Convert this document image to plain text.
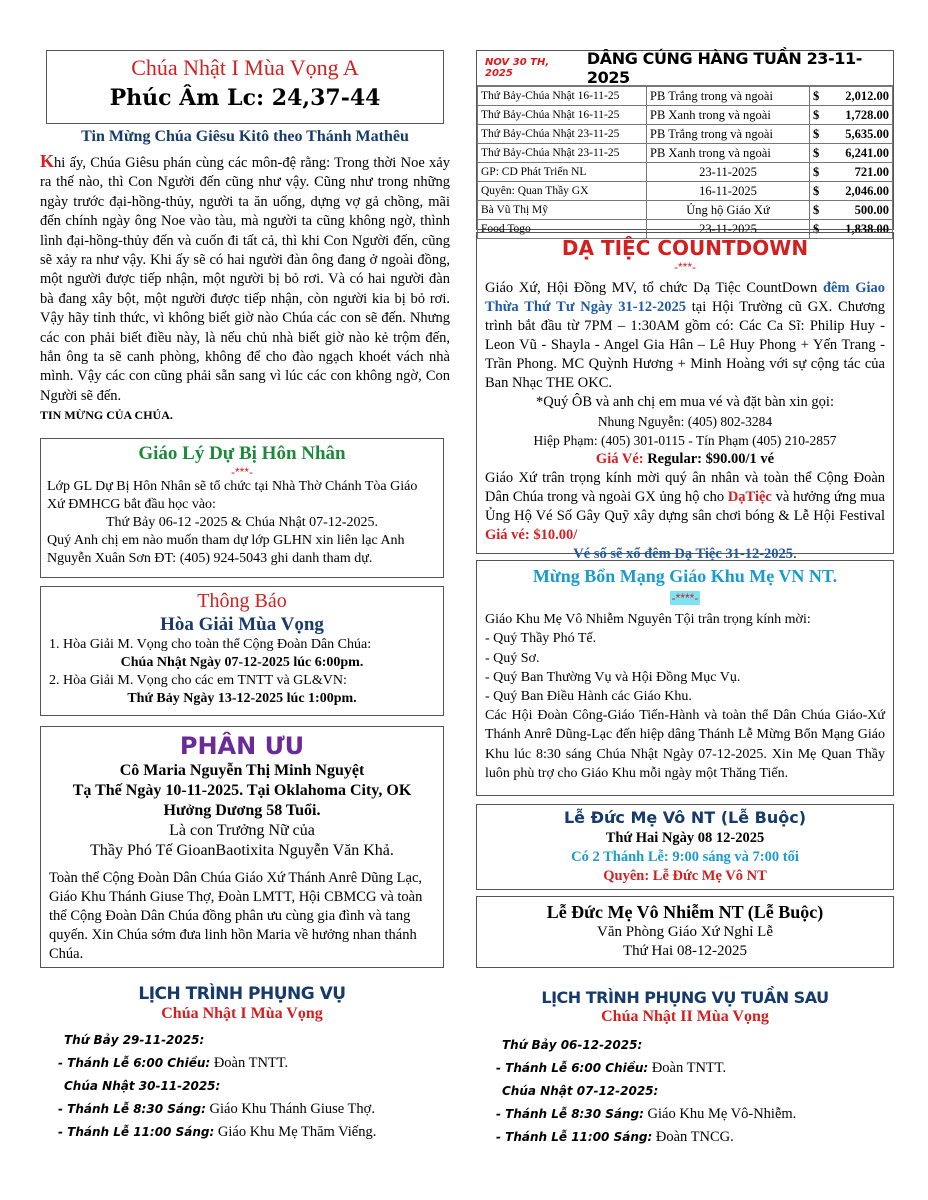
Chúa Nhật I Mùa Vọng A
Phúc Âm Lc: 24,37-44
Tin Mừng Chúa Giêsu Kitô theo Thánh Mathêu
Khi ấy, Chúa Giêsu phán cùng các môn-đệ rằng: Trong thời Noe xảy ra thế nào, thì Con Người đến cũng như vậy. Cũng như trong những ngày trước đại-hồng-thủy, người ta ăn uống, dựng vợ gả chồng, mãi đến chính ngày ông Noe vào tàu, mà người ta cũng không ngờ, thình lình đại-hồng-thủy đến và cuốn đi tất cả, thì khi Con Người đến, cũng sẽ xảy ra như vậy. Khi ấy sẽ có hai người đàn ông đang ở ngoài đồng, một người được tiếp nhận, một người bị bỏ rơi. Và có hai người đàn bà đang xây bột, một người được tiếp nhận, còn người kia bị bỏ rơi. Vậy hãy tỉnh thức, vì không biết giờ nào Chúa các con sẽ đến. Nhưng các con phải biết điều này, là nếu chủ nhà biết giờ nào kẻ trộm đến, hẳn ông ta sẽ canh phòng, không để cho đào ngạch khoét vách nhà mình. Vậy các con cũng phải sẵn sang vì lúc các con không ngờ, Con Người sẽ đến.
TIN MỪNG CỦA CHÚA.
Giáo Lý Dự Bị Hôn Nhân
-***-

Lớp GL Dự Bị Hôn Nhân sẽ tổ chức tại Nhà Thờ Chánh Tòa Giáo Xứ ĐMHCG bắt đầu học vào:

Thứ Bảy 06-12 -2025 & Chúa Nhật 07-12-2025.

Quý Anh chị em nào muốn tham dự lớp GLHN xin liên lạc Anh Nguyễn Xuân Sơn ĐT: (405) 924-5043 ghi danh tham dự.

Thông Báo
Hòa Giải Mùa Vọng

1. Hòa Giải M. Vọng cho toàn thể Cộng Đoàn Dân Chúa:

Chúa Nhật Ngày 07-12-2025 lúc 6:00pm.

2. Hòa Giải M. Vọng cho các em TNTT và GL&VN:

Thứ Bảy Ngày 13-12-2025 lúc 1:00pm.

PHÂN ƯU
Cô Maria Nguyễn Thị Minh Nguyệt
Tạ Thế Ngày 10-11-2025. Tại Oklahoma City, OK
Hưởng Dương 58 Tuổi.
Là con Trưởng Nữ của
Thầy Phó Tế GioanBaotixita Nguyễn Văn Khả.

Toàn thể Cộng Đoàn Dân Chúa Giáo Xứ Thánh Anrê Dũng Lạc, Giáo Khu Thánh Giuse Thợ, Đoàn LMTT, Hội CBMCG và toàn thể Cộng Đoàn Dân Chúa đồng phân ưu cùng gia đình và tang quyến. Xin Chúa sớm đưa linh hồn Maria về hưởng nhan thánh Chúa.

LỊCH TRÌNH PHỤNG VỤ
Chúa Nhật I Mùa Vọng
Thứ Bảy 29-11-2025:
- Thánh Lễ 6:00 Chiều: Đoàn TNTT.
Chúa Nhật 30-11-2025:
- Thánh Lễ 8:30 Sáng: Giáo Khu Thánh Giuse Thợ.
- Thánh Lễ 11:00 Sáng: Giáo Khu Mẹ Thăm Viếng.
NOV 30 TH, 2025
DÂNG CÚNG HÀNG TUẦN 23-11-2025
Thứ Bảy-Chúa Nhật 16-11-25	PB Trắng trong và ngoài	$	2,012.00
Thứ Bảy-Chúa Nhật 16-11-25	PB Xanh trong và ngoài	$	1,728.00
Thứ Bảy-Chúa Nhật 23-11-25	PB Trắng trong và ngoài	$	5,635.00
Thứ Bảy-Chúa Nhật 23-11-25	PB Xanh trong và ngoài	$	6,241.00
GP: CD Phát Triển NL	23-11-2025	$	721.00
Quyên: Quan Thầy GX	16-11-2025	$	2,046.00
Bà Vũ Thị Mỹ	Ủng hộ Giáo Xứ	$	500.00
Food Togo	23-11-2025	$	1,838.00
DẠ TIỆC COUNTDOWN
-***-

Giáo Xứ, Hội Đồng MV, tổ chức Dạ Tiệc CountDown đêm Giao Thừa Thứ Tư Ngày 31-12-2025 tại Hội Trường cũ GX. Chương trình bắt đầu từ 7PM – 1:30AM gồm có: Các Ca Sĩ: Philip Huy - Leon Vũ - Shayla - Angel Gia Hân – Lê Huy Phong + Yến Trang - Trần Phong. MC Quỳnh Hương + Minh Hoàng với sự cộng tác của Ban Nhạc THE OKC.

*Quý ÔB và anh chị em mua vé và đặt bàn xin gọi:

Nhung Nguyễn: (405) 802-3284

Hiệp Phạm: (405) 301-0115 - Tín Phạm (405) 210-2857

Giá Vé: Regular: $90.00/1 vé

Giáo Xứ trân trọng kính mời quý ân nhân và toàn thể Cộng Đoàn Dân Chúa trong và ngoài GX ủng hộ cho DạTiệc và hưởng ứng mua Ủng Hộ Vé Số Gây Quỹ xây dựng sân chơi bóng & Lễ Hội Festival Giá vé: $10.00/

Vé số sẽ xổ đêm Dạ Tiệc 31-12-2025.

Mừng Bổn Mạng Giáo Khu Mẹ VN NT.
-****-

Giáo Khu Mẹ Vô Nhiễm Nguyên Tội trân trọng kính mời:

- Quý Thầy Phó Tế.

- Quý Sơ.

- Quý Ban Thường Vụ và Hội Đồng Mục Vụ.

- Quý Ban Điều Hành các Giáo Khu.

Các Hội Đoàn Công-Giáo Tiến-Hành và toàn thể Dân Chúa Giáo-Xứ Thánh Anrê Dũng-Lạc đến hiệp dâng Thánh Lễ Mừng Bổn Mạng Giáo Khu lúc 8:30 sáng Chúa Nhật Ngày 07-12-2025. Xin Mẹ Quan Thầy luôn phù trợ cho Giáo Khu mỗi ngày một Thăng Tiến.

Lễ Đức Mẹ Vô NT (Lễ Buộc)
Thứ Hai Ngày 08 12-2025
Có 2 Thánh Lễ: 9:00 sáng và 7:00 tối
Quyên: Lễ Đức Mẹ Vô NT
Lễ Đức Mẹ Vô Nhiễm NT (Lễ Buộc)
Văn Phòng Giáo Xứ Nghỉ Lễ
Thứ Hai 08-12-2025
LỊCH TRÌNH PHỤNG VỤ TUẦN SAU
Chúa Nhật II Mùa Vọng
Thứ Bảy 06-12-2025:
- Thánh Lễ 6:00 Chiều: Đoàn TNTT.
Chúa Nhật 07-12-2025:
- Thánh Lễ 8:30 Sáng: Giáo Khu Mẹ Vô-Nhiễm.
- Thánh Lễ 11:00 Sáng: Đoàn TNCG.
